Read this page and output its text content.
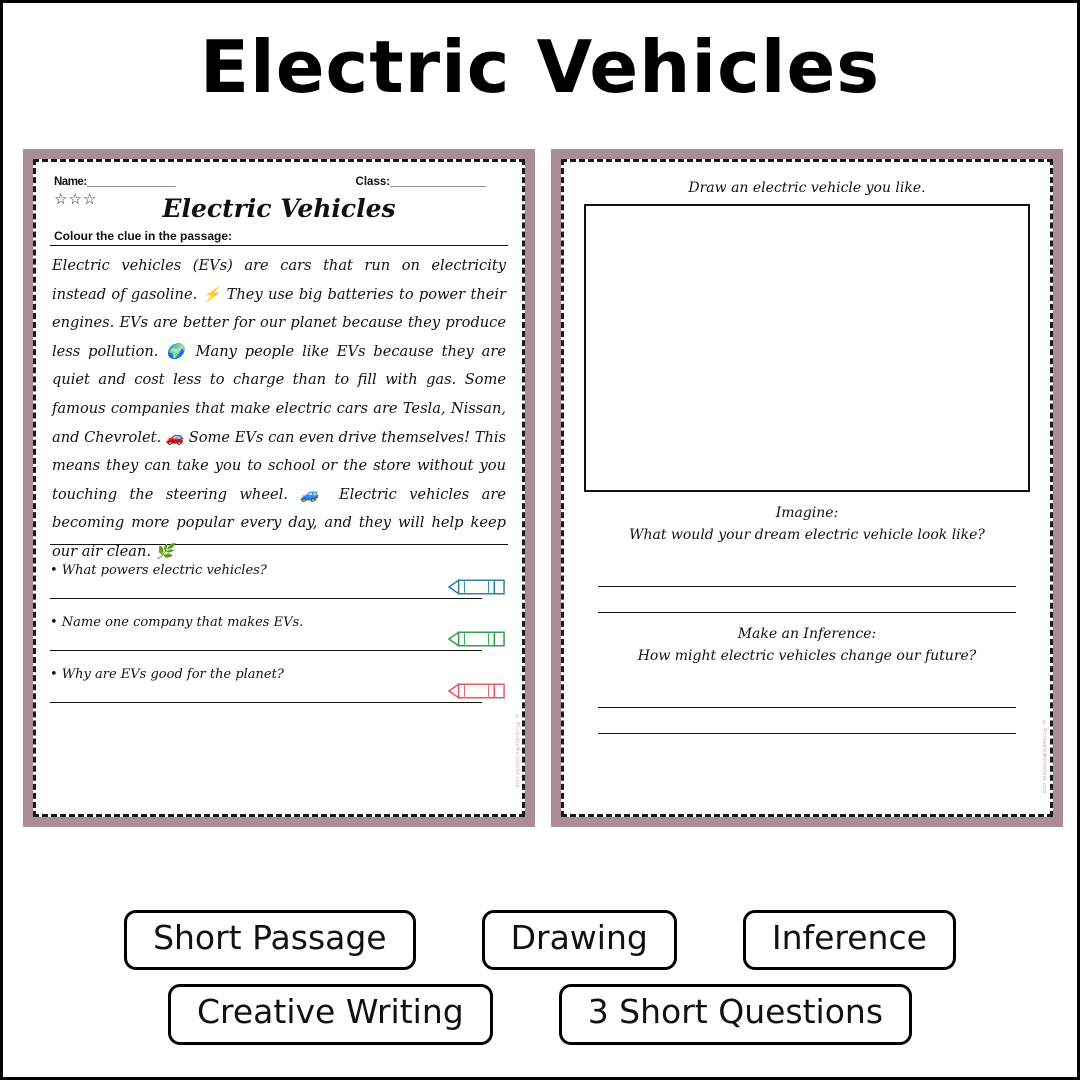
Electric Vehicles
Name:_______________	Class:_______________
☆☆☆	Electric Vehicles
Colour the clue in the passage:

Electric vehicles (EVs) are cars that run on electricity instead of gasoline. ⚡ They use big batteries to power their engines. EVs are better for our planet because they produce less pollution. 🌍 Many people like EVs because they are quiet and cost less to charge than to fill with gas. Some famous companies that make electric cars are Tesla, Nissan, and Chevrolet. 🚗 Some EVs can even drive themselves! This means they can take you to school or the store without you touching the steering wheel. 🚙 Electric vehicles are becoming more popular every day, and they will help keep our air clean. 🌿

• What powers electric vehicles?
• Name one company that makes EVs.
• Why are EVs good for the planet?
© PrintableWorksheet.com
Draw an electric vehicle you like.
Imagine:
What would your dream electric vehicle look like?
Make an Inference:
How might electric vehicles change our future?
© PrintableWorksheet.com
Short Passage	Drawing	Inference
Creative Writing	3 Short Questions
